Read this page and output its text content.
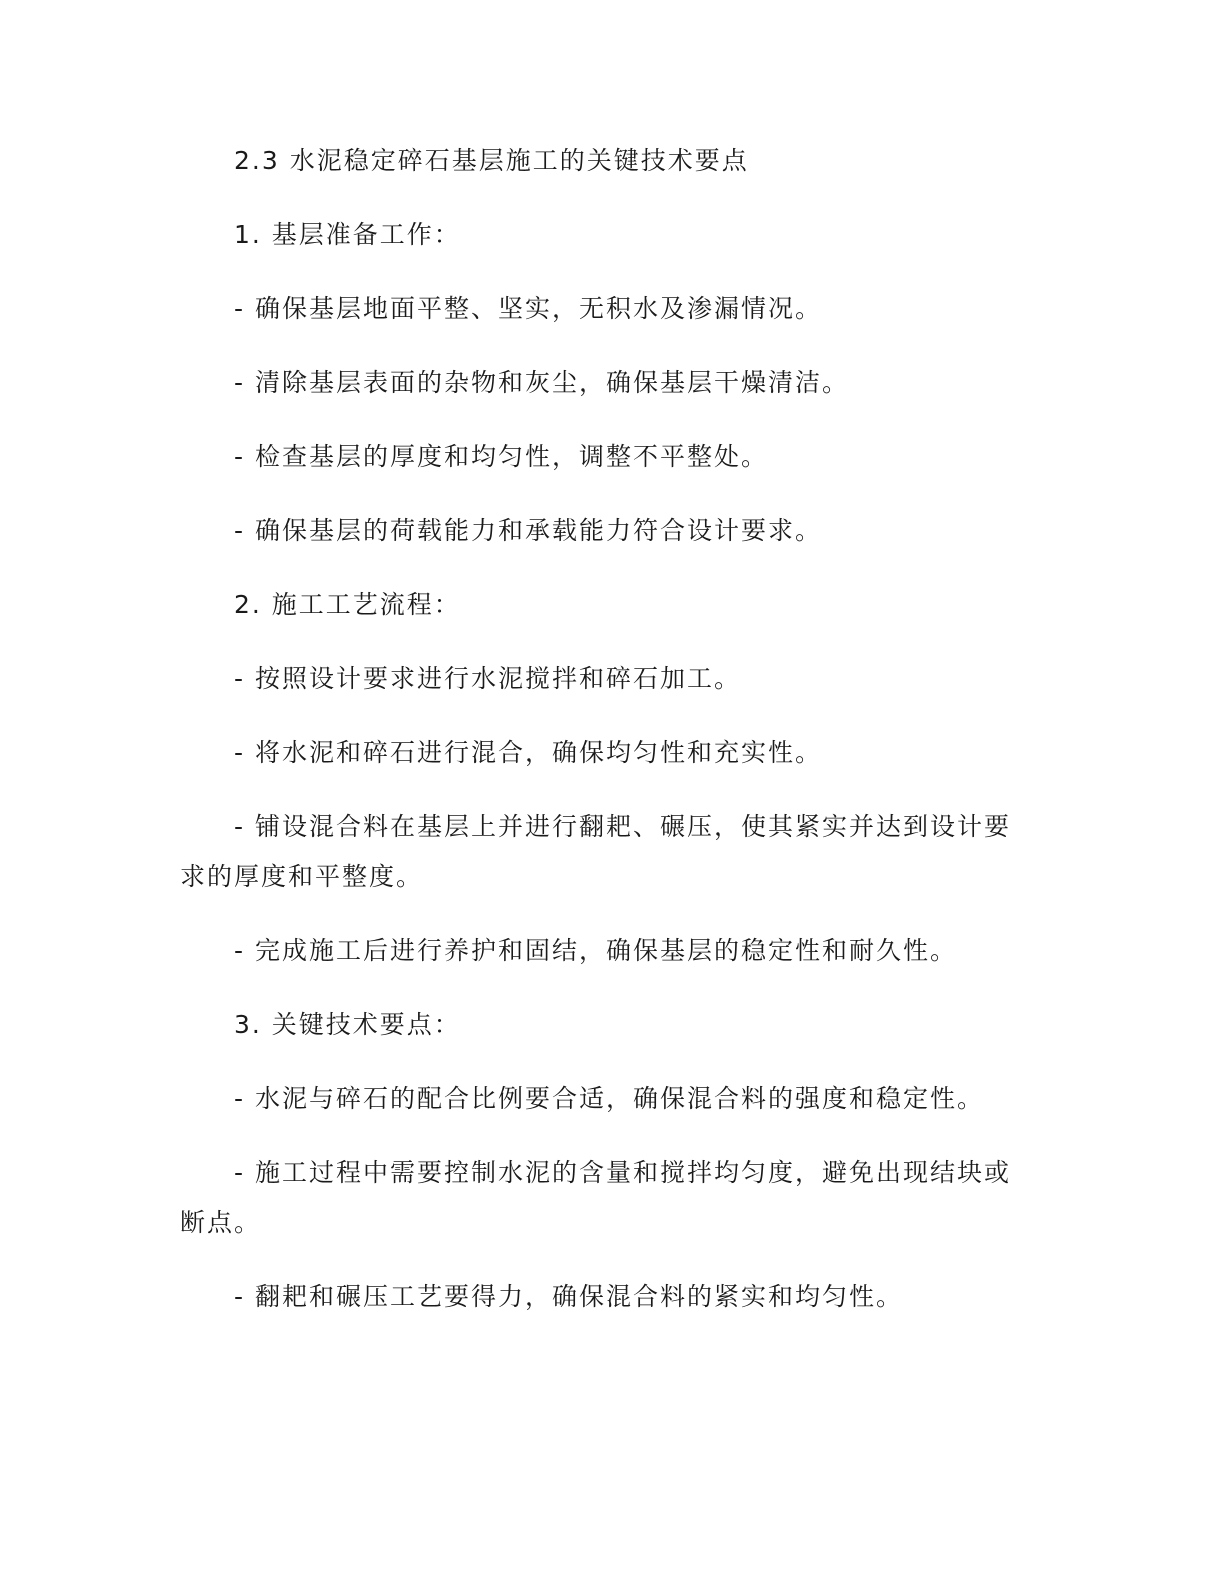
2.3 水泥稳定碎石基层施工的关键技术要点

1. 基层准备工作：

- 确保基层地面平整、坚实，无积水及渗漏情况。

- 清除基层表面的杂物和灰尘，确保基层干燥清洁。

- 检查基层的厚度和均匀性，调整不平整处。

- 确保基层的荷载能力和承载能力符合设计要求。

2. 施工工艺流程：

- 按照设计要求进行水泥搅拌和碎石加工。

- 将水泥和碎石进行混合，确保均匀性和充实性。

- 铺设混合料在基层上并进行翻耙、碾压，使其紧实并达到设计要求的厚度和平整度。

- 完成施工后进行养护和固结，确保基层的稳定性和耐久性。

3. 关键技术要点：

- 水泥与碎石的配合比例要合适，确保混合料的强度和稳定性。

- 施工过程中需要控制水泥的含量和搅拌均匀度，避免出现结块或断点。

- 翻耙和碾压工艺要得力，确保混合料的紧实和均匀性。
